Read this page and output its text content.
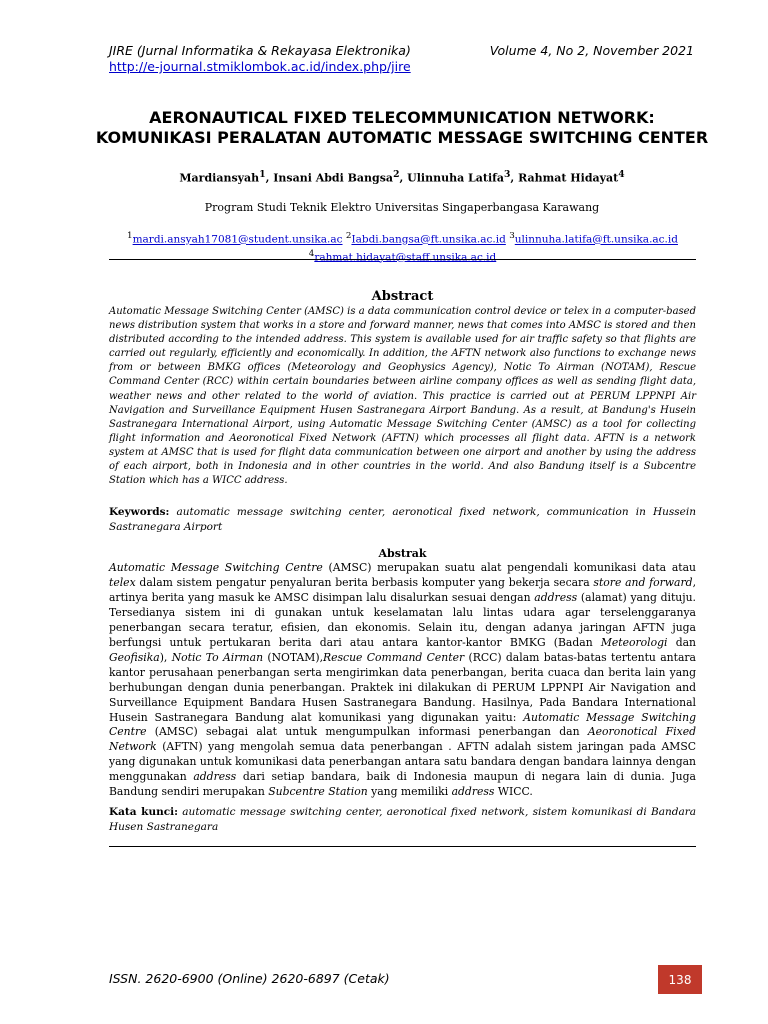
JIRE (Jurnal Informatika & Rekayasa Elektronika)	Volume 4, No 2, November 2021
http://e-journal.stmiklombok.ac.id/index.php/jire
AERONAUTICAL FIXED TELECOMMUNICATION NETWORK:
KOMUNIKASI PERALATAN AUTOMATIC MESSAGE SWITCHING CENTER
Mardiansyah$^1$, Insani Abdi Bangsa$^2$, Ulinnuha Latifa$^3$, Rahmat Hidayat$^4$
Program Studi Teknik Elektro Universitas Singaperbangasa Karawang
$^1$mardi.ansyah17081@student.unsika.ac $^2$Iabdi.bangsa@ft.unsika.ac.id $^3$ulinnuha.latifa@ft.unsika.ac.id
$^4$rahmat.hidayat@staff.unsika.ac.id
Abstract

Automatic Message Switching Center (AMSC) is a data communication control device or telex in a computer-based news distribution system that works in a store and forward manner, news that comes into AMSC is stored and then distributed according to the intended address. This system is available used for air traffic safety so that flights are carried out regularly, efficiently and economically. In addition, the AFTN network also functions to exchange news from or between BMKG offices (Meteorology and Geophysics Agency), Notic To Airman (NOTAM), Rescue Command Center (RCC) within certain boundaries between airline company offices as well as sending flight data, weather news and other related to the world of aviation. This practice is carried out at PERUM LPPNPI Air Navigation and Surveillance Equipment Husen Sastranegara Airport Bandung. As a result, at Bandung's Husein Sastranegara International Airport, using Automatic Message Switching Center (AMSC) as a tool for collecting flight information and Aeoronotical Fixed Network (AFTN) which processes all flight data. AFTN is a network system at AMSC that is used for flight data communication between one airport and another by using the address of each airport, both in Indonesia and in other countries in the world. And also Bandung itself is a Subcentre Station which has a WICC address.

Keywords: automatic message switching center, aeronotical fixed network, communication in Hussein Sastranegara Airport

Abstrak

Automatic Message Switching Centre (AMSC) merupakan suatu alat pengendali komunikasi data atau telex dalam sistem pengatur penyaluran berita berbasis komputer yang bekerja secara store and forward, artinya berita yang masuk ke AMSC disimpan lalu disalurkan sesuai dengan address (alamat) yang dituju. Tersedianya sistem ini di gunakan untuk keselamatan lalu lintas udara agar terselenggaranya penerbangan secara teratur, efisien, dan ekonomis. Selain itu, dengan adanya jaringan AFTN juga berfungsi untuk pertukaran berita dari atau antara kantor-kantor BMKG (Badan Meteorologi dan Geofisika), Notic To Airman (NOTAM),Rescue Command Center (RCC) dalam batas-batas tertentu antara kantor perusahaan penerbangan serta mengirimkan data penerbangan, berita cuaca dan berita lain yang berhubungan dengan dunia penerbangan. Praktek ini dilakukan di PERUM LPPNPI Air Navigation and Surveillance Equipment Bandara Husen Sastranegara Bandung. Hasilnya, Pada Bandara International Husein Sastranegara Bandung alat komunikasi yang digunakan yaitu: Automatic Message Switching Centre (AMSC) sebagai alat untuk mengumpulkan informasi penerbangan dan Aeoronotical Fixed Network (AFTN) yang mengolah semua data penerbangan . AFTN adalah sistem jaringan pada AMSC yang digunakan untuk komunikasi data penerbangan antara satu bandara dengan bandara lainnya dengan menggunakan address dari setiap bandara, baik di Indonesia maupun di negara lain di dunia. Juga Bandung sendiri merupakan Subcentre Station yang memiliki address WICC.

Kata kunci: automatic message switching center, aeronotical fixed network, sistem komunikasi di Bandara Husen Sastranegara

ISSN. 2620-6900 (Online) 2620-6897 (Cetak)	138
